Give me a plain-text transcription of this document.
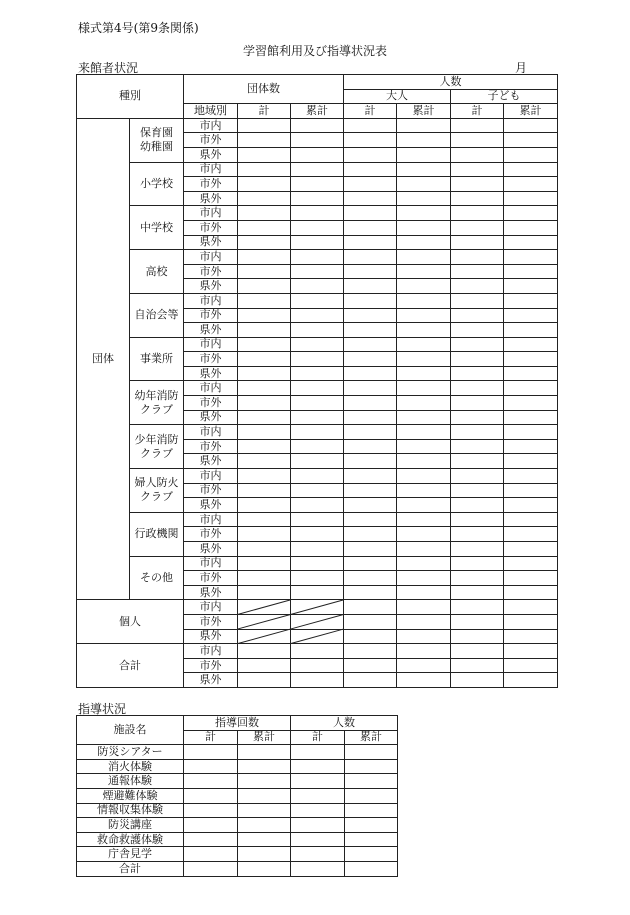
様式第4号(第9条関係)
学習館利用及び指導状況表
来館者状況	月
種別		団体数			人数			
					大人		子ども	
		地域別	計	累計	計	累計	計	累計
団体	保育園
幼稚園	市内						
		市外						
		県外						
	小学校	市内						
		市外						
		県外						
	中学校	市内						
		市外						
		県外						
	高校	市内						
		市外						
		県外						
	自治会等	市内						
		市外						
		県外						
	事業所	市内						
		市外						
		県外						
	幼年消防
クラブ	市内						
		市外						
		県外						
	少年消防
クラブ	市内						
		市外						
		県外						
	婦人防火
クラブ	市内						
		市外						
		県外						
	行政機関	市内						
		市外						
		県外						
	その他	市内						
		市外						
		県外						
個人		市内						
		市外						
		県外						
合計		市内						
		市外						
		県外						
指導状況
施設名	指導回数		人数	
	計	累計	計	累計
防災シアター				
消火体験				
通報体験				
煙避難体験				
情報収集体験				
防災講座				
救命救護体験				
庁舎見学				
合計				
